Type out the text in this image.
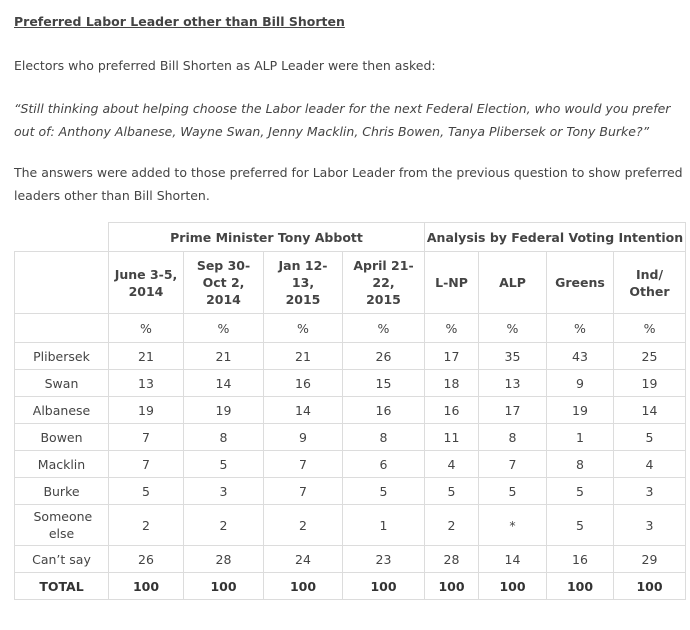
Preferred Labor Leader other than Bill Shorten
Electors who preferred Bill Shorten as ALP Leader were then asked:
“Still thinking about helping choose the Labor leader for the next Federal Election, who would you prefer out of: Anthony Albanese, Wayne Swan, Jenny Macklin, Chris Bowen, Tanya Plibersek or Tony Burke?”
The answers were added to those preferred for Labor Leader from the previous question to show preferred leaders other than Bill Shorten.
	Prime Minister Tony Abbott				Analysis by Federal Voting Intention			
	June 3-5,
2014	Sep 30-
Oct 2,
2014	Jan 12-
13,
2015	April 21-
22,
2015	L-NP	ALP	Greens	Ind/
Other
	%	%	%	%	%	%	%	%
Plibersek	21	21	21	26	17	35	43	25
Swan	13	14	16	15	18	13	9	19
Albanese	19	19	14	16	16	17	19	14
Bowen	7	8	9	8	11	8	1	5
Macklin	7	5	7	6	4	7	8	4
Burke	5	3	7	5	5	5	5	3
Someone else	2	2	2	1	2	*	5	3
Can’t say	26	28	24	23	28	14	16	29
TOTAL	100	100	100	100	100	100	100	100
